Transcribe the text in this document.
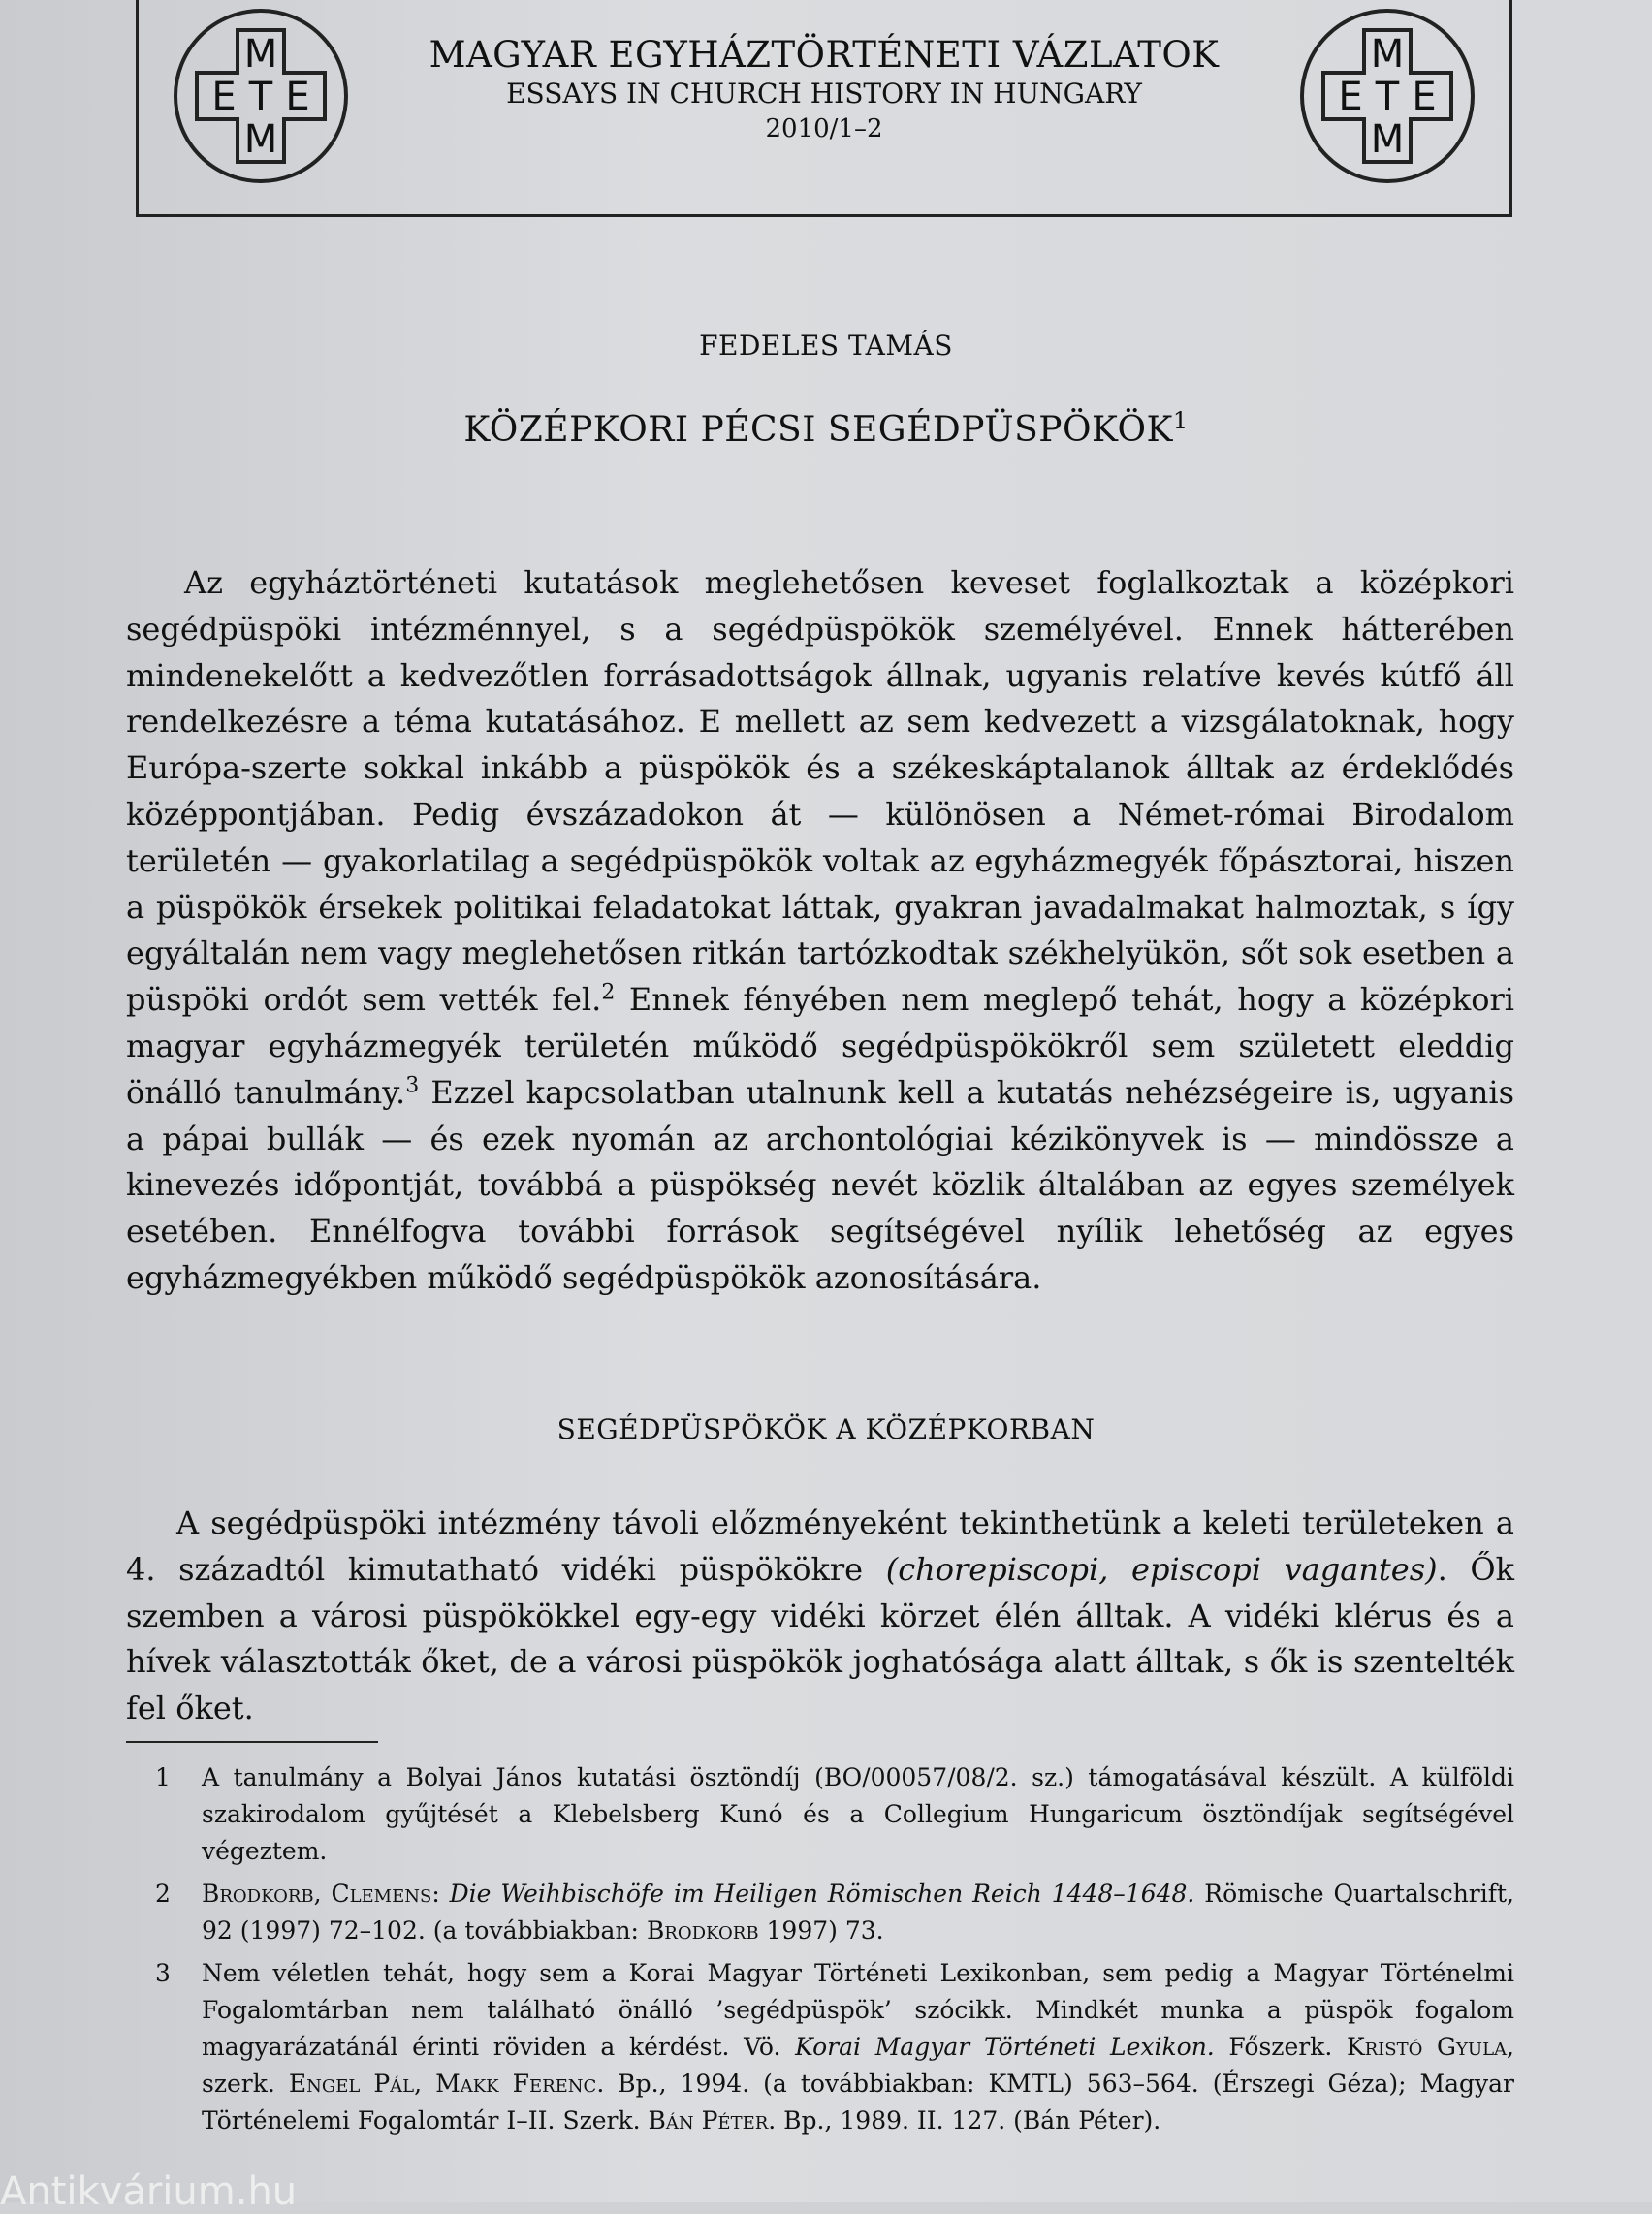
M
E T E
M
MAGYAR EGYHÁZTÖRTÉNETI VÁZLATOK
ESSAYS IN CHURCH HISTORY IN HUNGARY
2010/1–2
M
E T E
M
FEDELES TAMÁS
KÖZÉPKORI PÉCSI SEGÉDPÜSPÖKÖK$^1$
Az egyháztörténeti kutatások meglehetősen keveset foglalkoztak a középkori segédpüspöki intézménnyel, s a segédpüspökök személyével. Ennek hátterében mindenekelőtt a kedvezőtlen forrásadottságok állnak, ugyanis relatíve kevés kútfő áll rendelkezésre a téma kutatásához. E mellett az sem kedvezett a vizsgálatoknak, hogy Európa-szerte sokkal inkább a püspökök és a székeskáptalanok álltak az érdeklődés középpontjában. Pedig évszázadokon át — különösen a Német-római Birodalom területén — gyakorlatilag a segédpüspökök voltak az egyházmegyék főpásztorai, hiszen a püspökök érsekek politikai feladatokat láttak, gyakran javadalmakat halmoztak, s így egyáltalán nem vagy meglehetősen ritkán tartózkodtak székhelyükön, sőt sok esetben a püspöki ordót sem vették fel.$^2$ Ennek fényében nem meglepő tehát, hogy a középkori magyar egyházmegyék területén működő segédpüspökökről sem született eleddig önálló tanulmány.$^3$ Ezzel kapcsolatban utalnunk kell a kutatás nehézségeire is, ugyanis a pápai bullák — és ezek nyomán az archontológiai kézikönyvek is — mindössze a kinevezés időpontját, továbbá a püspökség nevét közlik általában az egyes személyek esetében. Ennélfogva további források segítségével nyílik lehetőség az egyes egyházmegyékben működő segédpüspökök azonosítására.
SEGÉDPÜSPÖKÖK A KÖZÉPKORBAN
A segédpüspöki intézmény távoli előzményeként tekinthetünk a keleti területeken a 4. századtól kimutatható vidéki püspökökre (chorepiscopi, episcopi vagantes). Ők szemben a városi püspökökkel egy-egy vidéki körzet élén álltak. A vidéki klérus és a hívek választották őket, de a városi püspökök joghatósága alatt álltak, s ők is szentelték fel őket.
1 A tanulmány a Bolyai János kutatási ösztöndíj (BO/00057/08/2. sz.) támogatásával készült. A külföldi szakirodalom gyűjtését a Klebelsberg Kunó és a Collegium Hungaricum ösztöndíjak segítségével végeztem.
2 Brodkorb, Clemens: Die Weihbischöfe im Heiligen Römischen Reich 1448–1648. Römische Quartalschrift, 92 (1997) 72–102. (a továbbiakban: Brodkorb 1997) 73.
3 Nem véletlen tehát, hogy sem a Korai Magyar Történeti Lexikonban, sem pedig a Magyar Történelmi Fogalomtárban nem található önálló ’segédpüspök’ szócikk. Mindkét munka a püspök fogalom magyarázatánál érinti röviden a kérdést. Vö. Korai Magyar Történeti Lexikon. Főszerk. Kristó Gyula, szerk. Engel Pál, Makk Ferenc. Bp., 1994. (a továbbiakban: KMTL) 563–564. (Érszegi Géza); Magyar Történelemi Fogalomtár I–II. Szerk. Bán Péter. Bp., 1989. II. 127. (Bán Péter).
Antikvárium.hu
